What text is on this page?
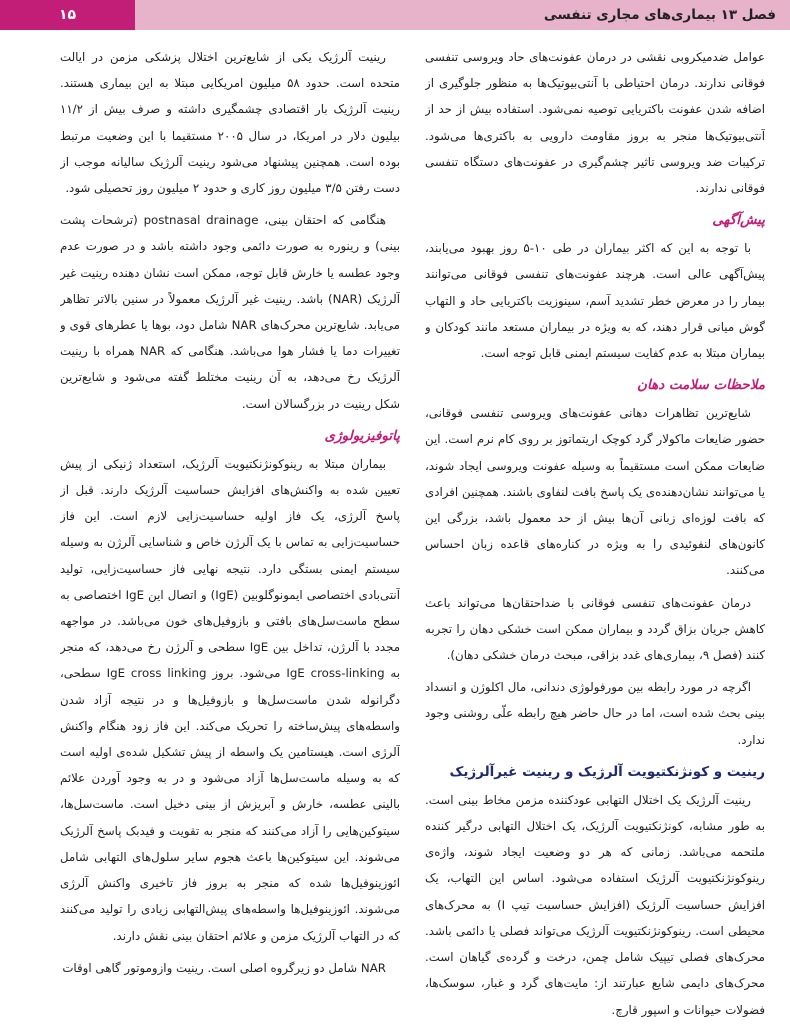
۱۵	فصل ۱۳ بیماری‌های مجاری تنفسی

عوامل ضدمیکروبی نقشی در درمان عفونت‌های حاد ویروسی تنفسی فوقانی ندارند. درمان احتیاطی با آنتی‌بیوتیک‌ها به منظور جلوگیری از اضافه شدن عفونت باکتریایی توصیه نمی‌شود. استفاده بیش از حد از آنتی‌بیوتیک‌ها منجر به بروز مقاومت دارویی به باکتری‌ها می‌شود. ترکیبات ضد ویروسی تاثیر چشم‌گیری در عفونت‌های دستگاه تنفسی فوقانی ندارند.

پیش‌آگهی

با توجه به این که اکثر بیماران در طی ۱۰-۵ روز بهبود می‌یابند، پیش‌آگهی عالی است. هرچند عفونت‌های تنفسی فوقانی می‌توانند بیمار را در معرض خطر تشدید آسم، سینوزیت باکتریایی حاد و التهاب گوش میانی قرار دهند، که به ویژه در بیماران مستعد مانند کودکان و بیماران مبتلا به عدم کفایت سیستم ایمنی قابل توجه است.

ملاحظات سلامت دهان

شایع‌ترین تظاهرات دهانی عفونت‌های ویروسی تنفسی فوقانی، حضور ضایعات ماکولار گرد کوچک اریتماتوز بر روی کام نرم است. این ضایعات ممکن است مستقیماً به وسیله عفونت ویروسی ایجاد شوند، یا می‌توانند نشان‌دهنده‌ی یک پاسخ بافت لنفاوی باشند. همچنین افرادی که بافت لوزه‌ای زبانی آن‌ها بیش از حد معمول باشد، بزرگی این کانون‌های لنفوئیدی را به ویژه در کناره‌های قاعده زبان احساس می‌کنند.

درمان عفونت‌های تنفسی فوقانی با ضداحتقان‌ها می‌تواند باعث کاهش جریان بزاق گردد و بیماران ممکن است خشکی دهان را تجربه کنند (فصل ۹، بیماری‌های غدد بزاقی، مبحث درمان خشکی دهان).

اگرچه در مورد رابطه بین مورفولوژی دندانی، مال اکلوژن و انسداد بینی بحث شده است، اما در حال حاضر هیچ رابطه علّی روشنی وجود ندارد.

رینیت و کونژنکتیویت آلرژیک و رینیت غیرآلرژیک

رینیت آلرژیک یک اختلال التهابی عودکننده مزمن مخاط بینی است. به طور مشابه، کونژنکتیویت آلرژیک، یک اختلال التهابی درگیر کننده ملتحمه می‌باشد. زمانی که هر دو وضعیت ایجاد شوند، واژه‌ی رینوکونژنکتیویت آلرژیک استفاده می‌شود. اساس این التهاب، یک افزایش حساسیت آلرژیک (افزایش حساسیت تیپ I) به محرک‌های محیطی است. رینوکونژنکتیویت آلرژیک می‌تواند فصلی یا دائمی باشد. محرک‌های فصلی تیپیک شامل چمن، درخت و گرده‌ی گیاهان است. محرک‌های دایمی شایع عبارتند از: مایت‌های گرد و غبار، سوسک‌ها، فضولات حیوانات و اسپور قارچ.

رینیت آلرژیک یکی از شایع‌ترین اختلال پزشکی مزمن در ایالت متحده است. حدود ۵۸ میلیون امریکایی مبتلا به این بیماری هستند. رینیت آلرژیک بار اقتصادی چشمگیری داشته و صرف بیش از ۱۱/۲ بیلیون دلار در امریکا، در سال ۲۰۰۵ مستقیما با این وضعیت مرتبط بوده است. همچنین پیشنهاد می‌شود رینیت آلرژیک سالیانه موجب از دست رفتن ۳/۵ میلیون روز کاری و حدود ۲ میلیون روز تحصیلی شود.

هنگامی که احتقان بینی، postnasal drainage (ترشحات پشت بینی) و رینوره به صورت دائمی وجود داشته باشد و در صورت عدم وجود عطسه یا خارش قابل توجه، ممکن است نشان دهنده رینیت غیر آلرژیک (NAR) باشد. رینیت غیر آلرژیک معمولاً در سنین بالاتر تظاهر می‌یابد. شایع‌ترین محرک‌های NAR شامل دود، بوها یا عطرهای قوی و تغییرات دما یا فشار هوا می‌باشد. هنگامی که NAR همراه با رینیت آلرژیک رخ می‌دهد، به آن رینیت مختلط گفته می‌شود و شایع‌ترین شکل رینیت در بزرگسالان است.

پاتوفیزیولوژی

بیماران مبتلا به رینوکونژنکتیویت آلرژیک، استعداد ژنیکی از پیش تعیین شده به واکنش‌های افزایش حساسیت آلرژیک دارند. قبل از پاسخ آلرژی، یک فاز اولیه حساسیت‌زایی لازم است. این فاز حساسیت‌زایی به تماس با یک آلرژن خاص و شناسایی آلرژن به وسیله سیستم ایمنی بستگی دارد. نتیجه نهایی فاز حساسیت‌زایی، تولید آنتی‌بادی اختصاصی ایمونوگلوبین (IgE) و اتصال این IgE اختصاصی به سطح ماست‌سل‌های بافتی و بازوفیل‌های خون می‌باشد. در مواجهه مجدد با آلرژن، تداخل بین IgE سطحی و آلرژن رخ می‌دهد، که منجر به IgE cross-linking می‌شود. بروز IgE cross linking سطحی، دگرانوله شدن ماست‌سل‌ها و بازوفیل‌ها و در نتیجه آزاد شدن واسطه‌های پیش‌ساخته را تحریک می‌کند. این فاز زود هنگام واکنش آلرژی است. هیستامین یک واسطه از پیش تشکیل شده‌ی اولیه است که به وسیله ماست‌سل‌ها آزاد می‌شود و در به وجود آوردن علائم بالینی عطسه، خارش و آبریزش از بینی دخیل است. ماست‌سل‌ها، سیتوکین‌هایی را آزاد می‌کنند که منجر به تقویت و فیدبک پاسخ آلرژیک می‌شوند. این سیتوکین‌ها باعث هجوم سایر سلول‌های التهابی شامل ائوزینوفیل‌ها شده که منجر به بروز فاز تاخیری واکنش آلرژی می‌شوند. ائوزینوفیل‌ها واسطه‌های پیش‌التهابی زیادی را تولید می‌کنند که در التهاب آلرژیک مزمن و علائم احتقان بینی نقش دارند.

NAR شامل دو زیرگروه اصلی است. رینیت وازوموتور گاهی اوقات
